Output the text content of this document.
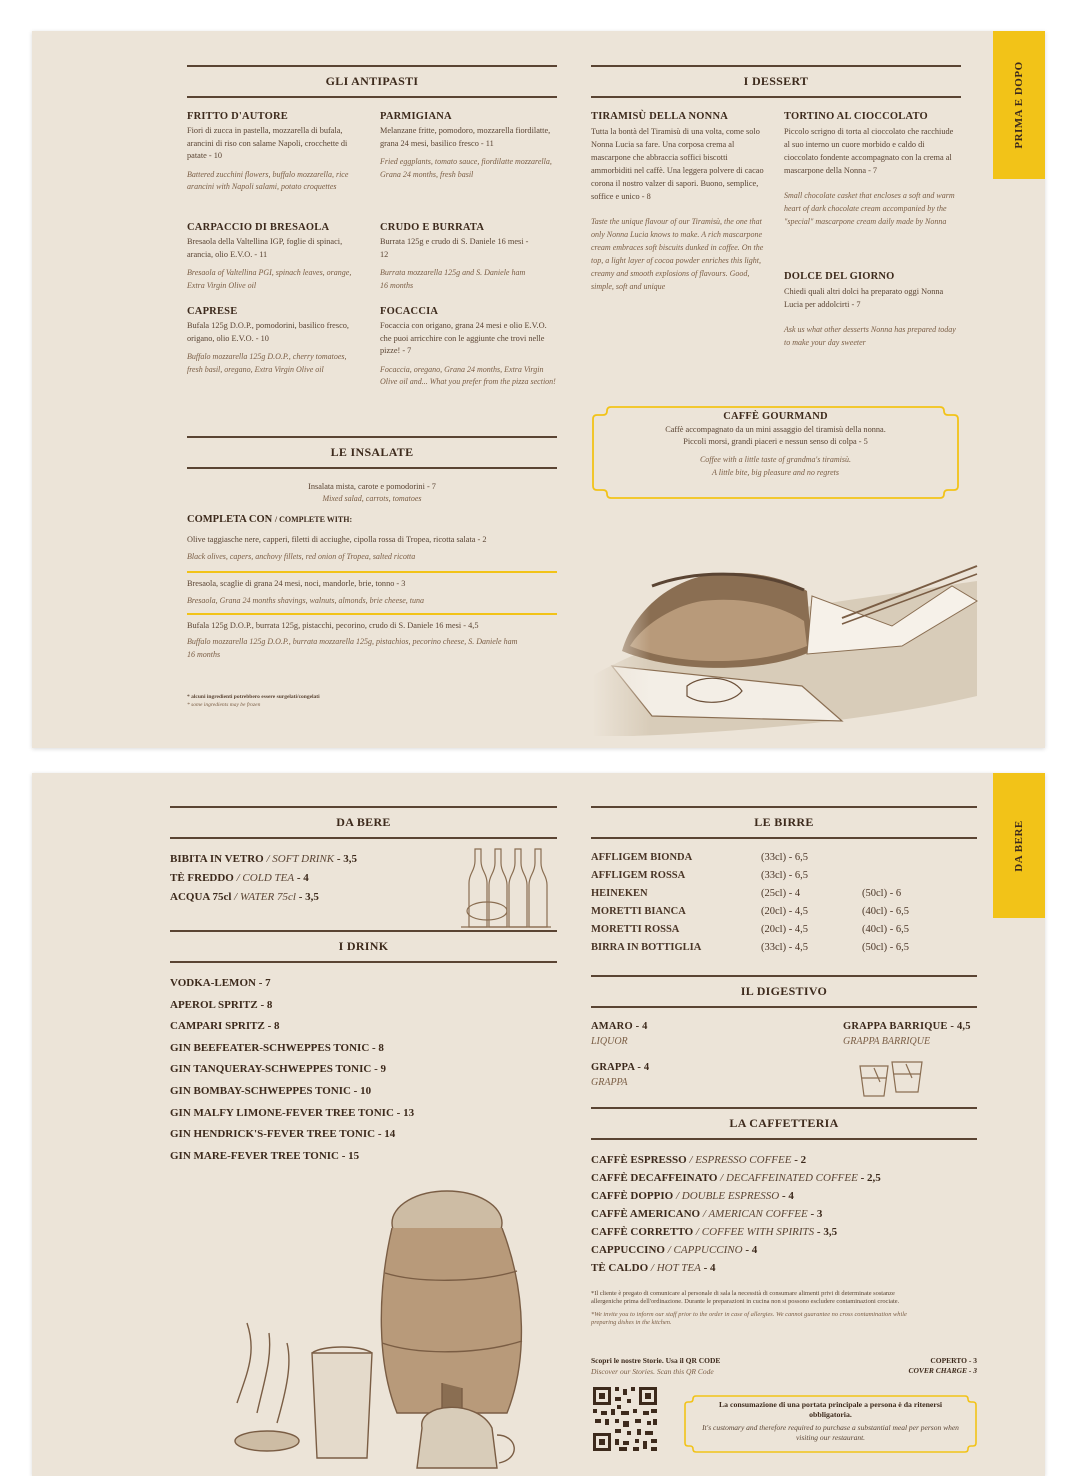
PRIMA E DOPO
GLI ANTIPASTI
FRITTO D'AUTORE
Fiori di zucca in pastella, mozzarella di bufala, arancini di riso con salame Napoli, crocchette di patate - 10
Battered zucchini flowers, buffalo mozzarella, rice arancini with Napoli salami, potato croquettes
PARMIGIANA
Melanzane fritte, pomodoro, mozzarella fiordilatte, grana 24 mesi, basilico fresco - 11
Fried eggplants, tomato sauce, fiordilatte mozzarella, Grana 24 months, fresh basil
CARPACCIO DI BRESAOLA
Bresaola della Valtellina IGP, foglie di spinaci, arancia, olio E.V.O. - 11
Bresaola of Valtellina PGI, spinach leaves, orange, Extra Virgin Olive oil
CRUDO E BURRATA
Burrata 125g e crudo di S. Daniele 16 mesi - 12
Burrata mozzarella 125g and S. Daniele ham 16 months
CAPRESE
Bufala 125g D.O.P., pomodorini, basilico fresco, origano, olio E.V.O. - 10
Buffalo mozzarella 125g D.O.P., cherry tomatoes, fresh basil, oregano, Extra Virgin Olive oil
FOCACCIA
Focaccia con origano, grana 24 mesi e olio E.V.O. che puoi arricchire con le aggiunte che trovi nelle pizze! - 7
Focaccia, oregano, Grana 24 months, Extra Virgin Olive oil and... What you prefer from the pizza section!
LE INSALATE
Insalata mista, carote e pomodorini - 7
Mixed salad, carrots, tomatoes
COMPLETA CON / COMPLETE WITH:
Olive taggiasche nere, capperi, filetti di acciughe, cipolla rossa di Tropea, ricotta salata - 2
Black olives, capers, anchovy fillets, red onion of Tropea, salted ricotta
Bresaola, scaglie di grana 24 mesi, noci, mandorle, brie, tonno - 3
Bresaola, Grana 24 months shavings, walnuts, almonds, brie cheese, tuna
Bufala 125g D.O.P., burrata 125g, pistacchi, pecorino, crudo di S. Daniele 16 mesi - 4,5
Buffalo mozzarella 125g D.O.P., burrata mozzarella 125g, pistachios, pecorino cheese, S. Daniele ham 16 months
* alcuni ingredienti potrebbero essere surgelati/congelati
* some ingredients may be frozen
I DESSERT
TIRAMISÙ DELLA NONNA
Tutta la bontà del Tiramisù di una volta, come solo Nonna Lucia sa fare. Una corposa crema al mascarpone che abbraccia soffici biscotti ammorbiditi nel caffè. Una leggera polvere di cacao corona il nostro valzer di sapori. Buono, semplice, soffice e unico - 8
Taste the unique flavour of our Tiramisù, the one that only Nonna Lucia knows to make. A rich mascarpone cream embraces soft biscuits dunked in coffee. On the top, a light layer of cocoa powder enriches this light, creamy and smooth explosions of flavours. Good, simple, soft and unique
TORTINO AL CIOCCOLATO
Piccolo scrigno di torta al cioccolato che racchiude al suo interno un cuore morbido e caldo di cioccolato fondente accompagnato con la crema al mascarpone della Nonna - 7
Small chocolate casket that encloses a soft and warm heart of dark chocolate cream accompanied by the "special" mascarpone cream daily made by Nonna
DOLCE DEL GIORNO
Chiedi quali altri dolci ha preparato oggi Nonna Lucia per addolcirti - 7
Ask us what other desserts Nonna has prepared today to make your day sweeter
CAFFÈ GOURMAND
Caffè accompagnato da un mini assaggio del tiramisù della nonna.
Piccoli morsi, grandi piaceri e nessun senso di colpa - 5
Coffee with a little taste of grandma's tiramisù.
A little bite, big pleasure and no regrets
DA BERE
DA BERE
BIBITA IN VETRO / SOFT DRINK - 3,5
TÈ FREDDO / COLD TEA - 4
ACQUA 75cl / WATER 75cl - 3,5
I DRINK
VODKA-LEMON - 7
APEROL SPRITZ - 8
CAMPARI SPRITZ - 8
GIN BEEFEATER-SCHWEPPES TONIC - 8
GIN TANQUERAY-SCHWEPPES TONIC - 9
GIN BOMBAY-SCHWEPPES TONIC - 10
GIN MALFY LIMONE-FEVER TREE TONIC - 13
GIN HENDRICK'S-FEVER TREE TONIC - 14
GIN MARE-FEVER TREE TONIC - 15
LE BIRRE
AFFLIGEM BIONDA	(33cl) - 6,5
AFFLIGEM ROSSA	(33cl) - 6,5
HEINEKEN	(25cl) - 4	(50cl) - 6
MORETTI BIANCA	(20cl) - 4,5	(40cl) - 6,5
MORETTI ROSSA	(20cl) - 4,5	(40cl) - 6,5
BIRRA IN BOTTIGLIA	(33cl) - 4,5	(50cl) - 6,5
IL DIGESTIVO
AMARO - 4
LIQUOR
GRAPPA - 4
GRAPPA
GRAPPA BARRIQUE - 4,5
GRAPPA BARRIQUE
LA CAFFETTERIA
CAFFÈ ESPRESSO / ESPRESSO COFFEE - 2
CAFFÈ DECAFFEINATO / DECAFFEINATED COFFEE - 2,5
CAFFÈ DOPPIO / DOUBLE ESPRESSO - 4
CAFFÈ AMERICANO / AMERICAN COFFEE - 3
CAFFÈ CORRETTO / COFFEE WITH SPIRITS - 3,5
CAPPUCCINO / CAPPUCCINO - 4
TÈ CALDO / HOT TEA - 4
*Il cliente è pregato di comunicare al personale di sala la necessità di consumare alimenti privi di determinate sostanze allergeniche prima dell'ordinazione. Durante le preparazioni in cucina non si possono escludere contaminazioni crociate.
*We invite you to inform our staff prior to the order in case of allergies. We cannot guarantee no cross contamination while preparing dishes in the kitchen.
Scopri le nostre Storie. Usa il QR CODE
Discover our Stories. Scan this QR Code
COPERTO - 3
COVER CHARGE - 3
La consumazione di una portata principale a persona è da ritenersi obbligatoria.
It's customary and therefore required to purchase a substantial meal per person when visiting our restaurant.
